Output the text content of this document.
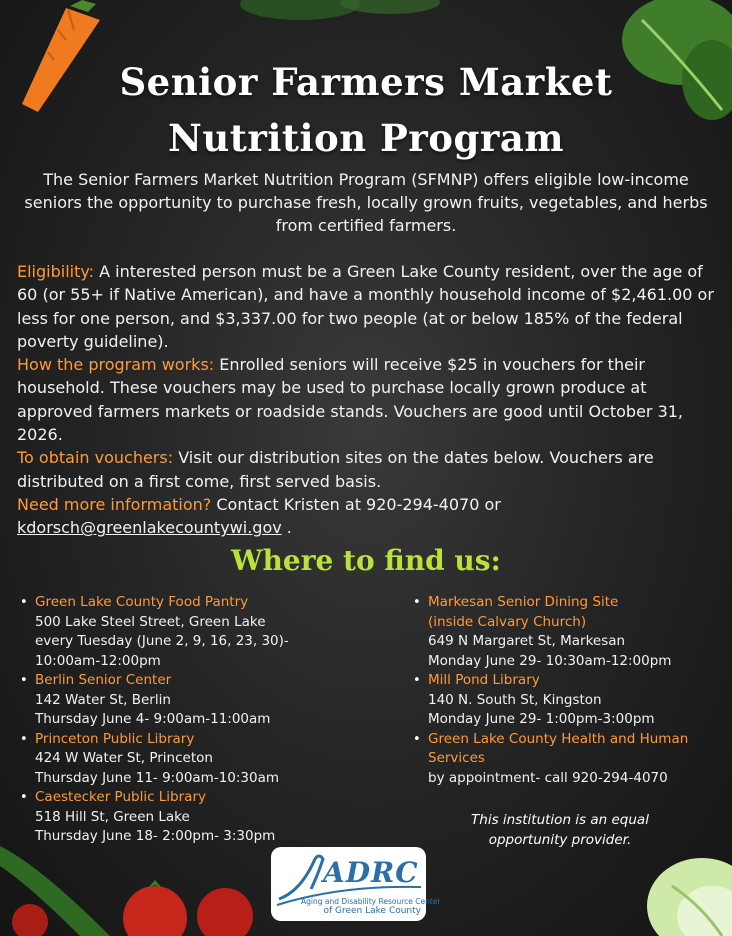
Senior Farmers Market
Nutrition Program

The Senior Farmers Market Nutrition Program (SFMNP) offers eligible low-income seniors the opportunity to purchase fresh, locally grown fruits, vegetables, and herbs from certified farmers.

Eligibility: A interested person must be a Green Lake County resident, over the age of 60 (or 55+ if Native American), and have a monthly household income of $2,461.00 or less for one person, and $3,337.00 for two people (at or below 185% of the federal poverty guideline).

How the program works: Enrolled seniors will receive $25 in vouchers for their household. These vouchers may be used to purchase locally grown produce at approved farmers markets or roadside stands. Vouchers are good until October 31, 2026.

To obtain vouchers: Visit our distribution sites on the dates below. Vouchers are distributed on a first come, first served basis.

Need more information? Contact Kristen at 920-294-4070 or
kdorsch@greenlakecountywi.gov .

Where to find us:
• Green Lake County Food Pantry
500 Lake Steel Street, Green Lake
every Tuesday (June 2, 9, 16, 23, 30)-
10:00am-12:00pm
• Berlin Senior Center
142 Water St, Berlin
Thursday June 4- 9:00am-11:00am
• Princeton Public Library
424 W Water St, Princeton
Thursday June 11- 9:00am-10:30am
• Caestecker Public Library
518 Hill St, Green Lake
Thursday June 18- 2:00pm- 3:30pm
• Markesan Senior Dining Site
(inside Calvary Church)
649 N Margaret St, Markesan
Monday June 29- 10:30am-12:00pm
• Mill Pond Library
140 N. South St, Kingston
Monday June 29- 1:00pm-3:00pm
• Green Lake County Health and Human
Services
by appointment- call 920-294-4070

This institution is an equal
opportunity provider.

ADRC
Aging and Disability Resource Center
of Green Lake County
